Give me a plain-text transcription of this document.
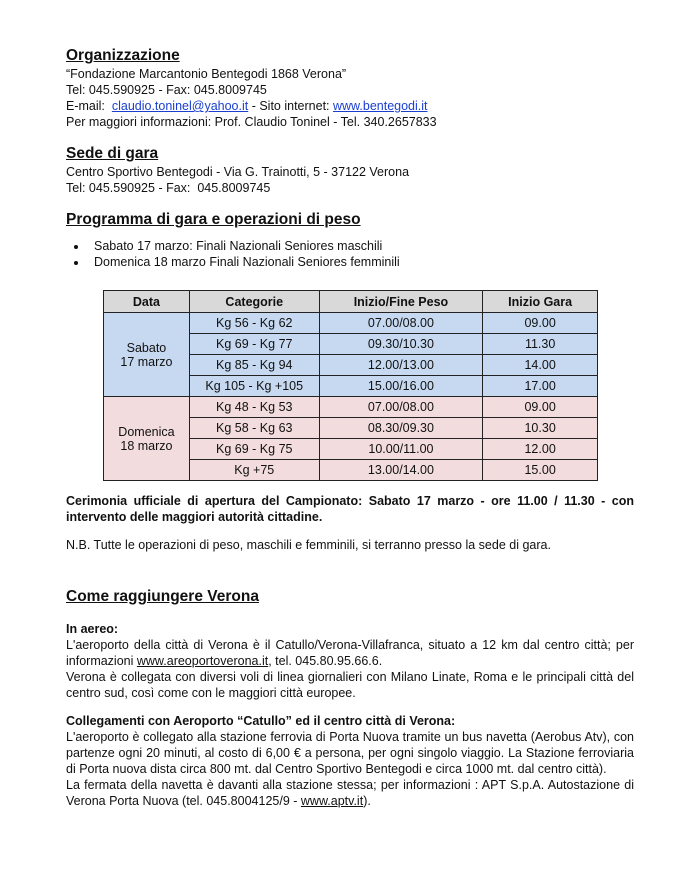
Organizzazione
“Fondazione Marcantonio Bentegodi 1868 Verona”
Tel: 045.590925 - Fax: 045.8009745
E-mail:  claudio.toninel@yahoo.it - Sito internet: www.bentegodi.it
Per maggiori informazioni: Prof. Claudio Toninel - Tel. 340.2657833
Sede di gara
Centro Sportivo Bentegodi - Via G. Trainotti, 5 - 37122 Verona
Tel: 045.590925 - Fax:  045.8009745
Programma di gara e operazioni di peso
• Sabato 17 marzo: Finali Nazionali Seniores maschili
• Domenica 18 marzo Finali Nazionali Seniores femminili
Data	Categorie	Inizio/Fine Peso	Inizio Gara

Sabato
17 marzo	Kg 56 - Kg 62	07.00/08.00	09.00
	Kg 69 - Kg 77	09.30/10.30	11.30
	Kg 85 - Kg 94	12.00/13.00	14.00
	Kg 105 - Kg +105	15.00/16.00	17.00

Domenica
18 marzo	Kg 48 - Kg 53	07.00/08.00	09.00
	Kg 58 - Kg 63	08.30/09.30	10.30
	Kg 69 - Kg 75	10.00/11.00	12.00
	Kg +75	13.00/14.00	15.00
Cerimonia ufficiale di apertura del Campionato: Sabato 17 marzo - ore 11.00 / 11.30 - con intervento delle maggiori autorità cittadine.
N.B. Tutte le operazioni di peso, maschili e femminili, si terranno presso la sede di gara.
Come raggiungere Verona
In aereo:
L'aeroporto della città di Verona è il Catullo/Verona-Villafranca, situato a 12 km dal centro città; per informazioni www.areoportoverona.it, tel. 045.80.95.66.6.
Verona è collegata con diversi voli di linea giornalieri con Milano Linate, Roma e le principali città del centro sud, così come con le maggiori città europee.
Collegamenti con Aeroporto “Catullo” ed il centro città di Verona:
L'aeroporto è collegato alla stazione ferrovia di Porta Nuova tramite un bus navetta (Aerobus Atv), con partenze ogni 20 minuti, al costo di 6,00 € a persona, per ogni singolo viaggio. La Stazione ferroviaria di Porta nuova dista circa 800 mt. dal Centro Sportivo Bentegodi e circa 1000 mt. dal centro città).
La fermata della navetta è davanti alla stazione stessa; per informazioni : APT S.p.A. Autostazione di Verona Porta Nuova (tel. 045.8004125/9 - www.aptv.it).
